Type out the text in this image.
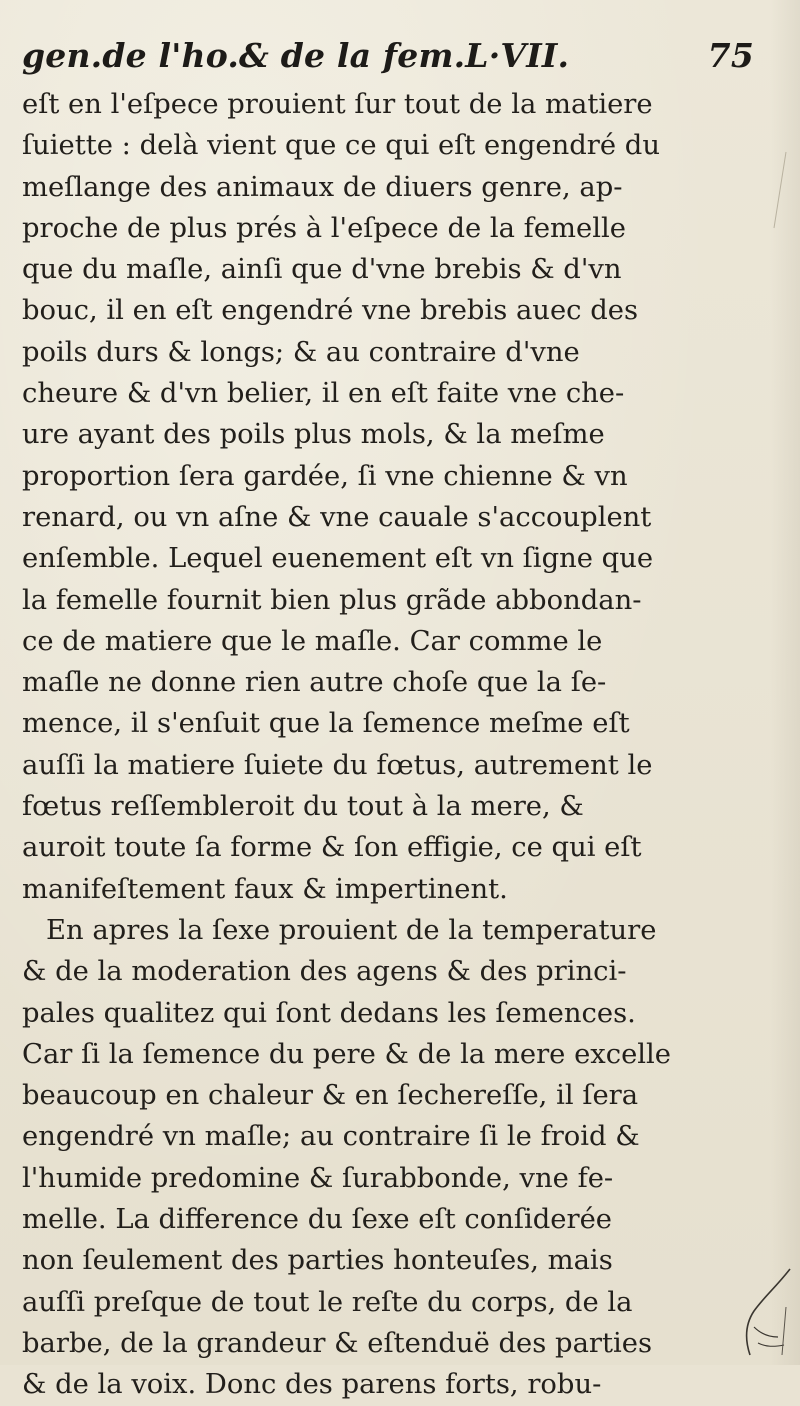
gen.de l'ho.& de la fem.L·VII.	75
eſt en l'eſpece prouient ſur tout de la matiere
ſuiette : delà vient que ce qui eſt engendré du
meſlange des animaux de diuers genre, ap-
proche de plus prés à l'eſpece de la femelle
que du maſle, ainſi que d'vne brebis & d'vn
bouc, il en eſt engendré vne brebis auec des
poils durs & longs; & au contraire d'vne
cheure & d'vn belier, il en eſt faite vne che-
ure ayant des poils plus mols, & la meſme
proportion ſera gardée, ſi vne chienne & vn
renard, ou vn aſne & vne cauale s'accouplent
enſemble. Lequel euenement eſt vn ſigne que
la femelle fournit bien plus grãde abbondan-
ce de matiere que le maſle. Car comme le
maſle ne donne rien autre choſe que la ſe-
mence, il s'enſuit que la ſemence meſme eſt
auſſi la matiere ſuiete du fœtus, autrement le
fœtus reſſembleroit du tout à la mere, &
auroit toute ſa forme & ſon effigie, ce qui eſt
manifeſtement faux & impertinent.
En apres la ſexe prouient de la temperature
& de la moderation des agens & des princi-
pales qualitez qui ſont dedans les ſemences.
Car ſi la ſemence du pere & de la mere excelle
beaucoup en chaleur & en ſechereſſe, il ſera
engendré vn maſle; au contraire ſi le froid &
l'humide predomine & ſurabbonde, vne fe-
melle. La difference du ſexe eſt conſiderée
non ſeulement des parties honteuſes, mais
auſſi preſque de tout le reſte du corps, de la
barbe, de la grandeur & eſtenduë des parties
& de la voix. Donc des parens forts, robu-
